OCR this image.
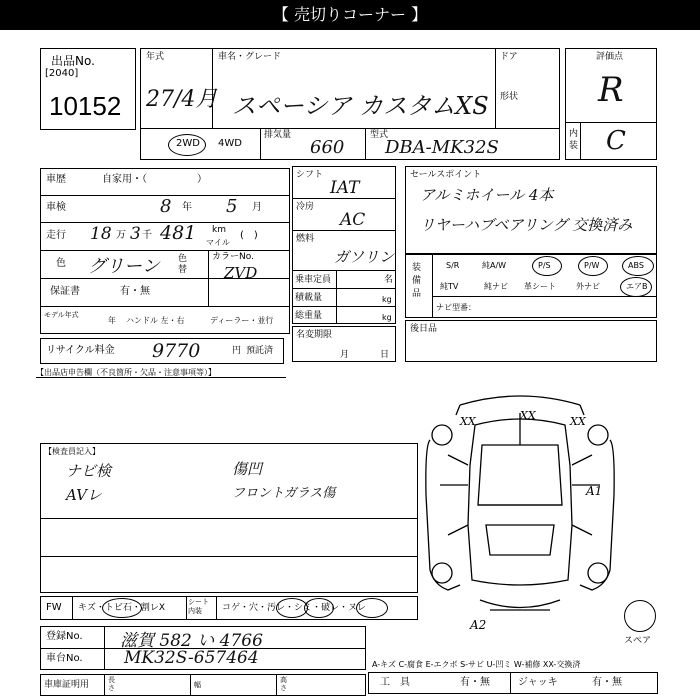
【 売切りコーナー 】
出品No.
[2040]
10152
年式
27/4月
車名・グレード
スペーシア カスタムXS
ドア
形状
2WD 4WD
排気量
660
型式
DBA-MK32S
評価点
R
内装 C
車歴	自家用・（　　　　　）
車検	8 年 5 月
走行 18 万 3 千 481 km
マイル
(　)
色 グリーン 色替
カラーNo.
ZVD
保証書	有・無
モデル年式
年 ハンドル 左・右	ディーラー・並行
シフト
IAT
冷房
AC
燃料
ガソリン
乗車定員	名
積載量	kg
総重量	kg
名変期限
月	日
リサイクル料金 9770	円 預託済
セールスポイント
アルミホイール 4本
リヤーハブベアリング 交換済み
装備品
S/R	純A/W	P/S	P/W	ABS
純TV	純ナビ 革シート	外ナビ	エアB
ナビ型番：
後日品
【出品店申告欄（不良箇所・欠品・注意事項等）】
【検査員記入】
ナビ検
AVレ
傷凹
フロントガラス傷
FW キズ・トビ石・割レX
シート内装	コゲ・穴・汚レ・シミ・破レ・ヌレ
登録No. 滋賀 582 い 4766
車台No. MK32S-657464
車庫証明用	長さ	幅
高さ
A-キズ C-腐食 E-エクボ S-サビ U-凹ミ W-補修 XX-交換済
工　具	有・無	ジャッキ	有・無
XX	XX	XX
A1
A2
スペア
